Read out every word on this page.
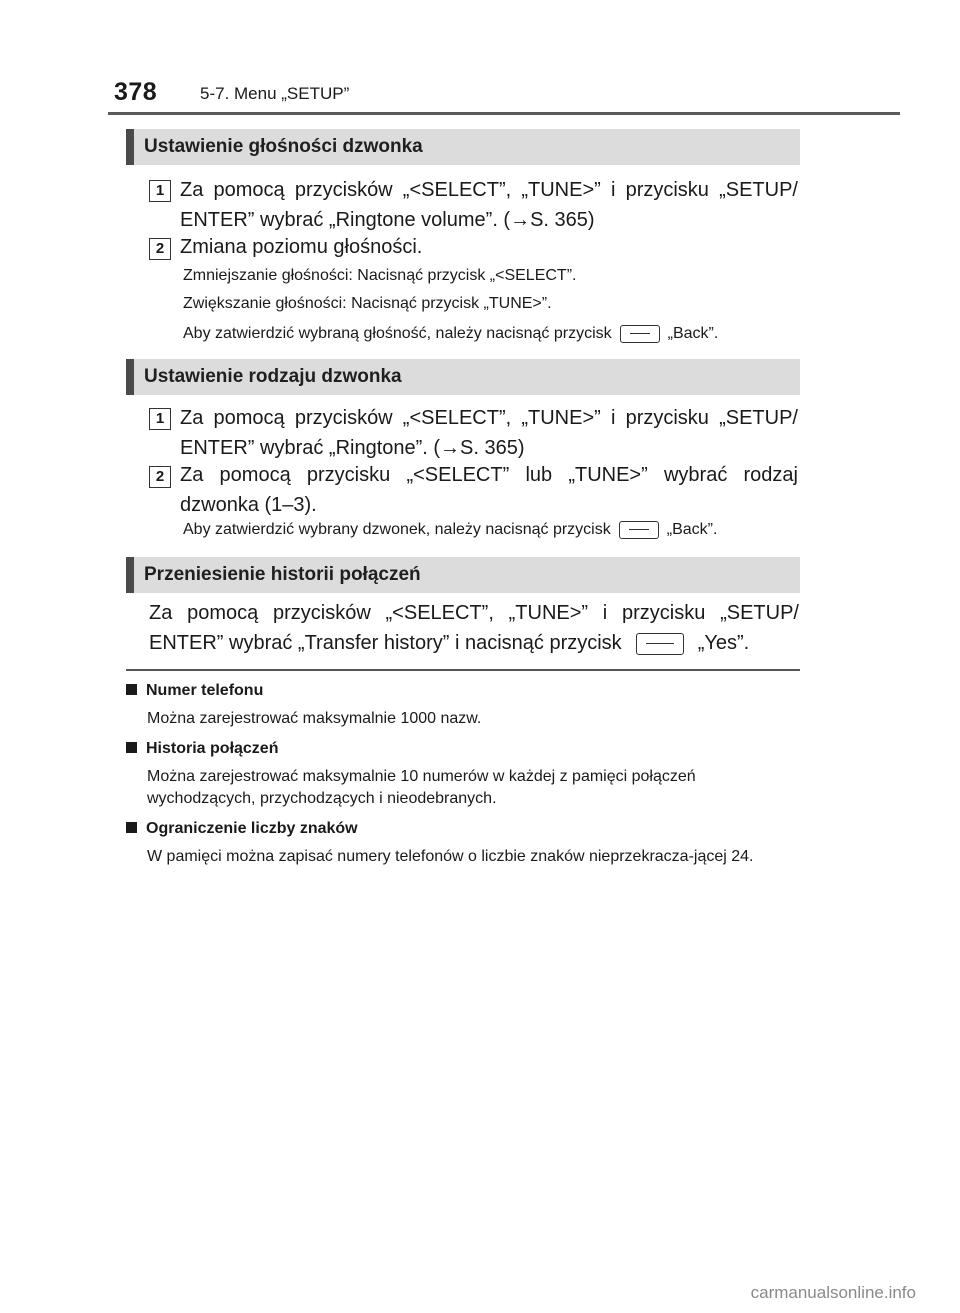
378	5-7. Menu „SETUP”
Ustawienie głośności dzwonka
1 Za pomocą przycisków „<SELECT”, „TUNE>” i przycisku „SETUP/
ENTER” wybrać „Ringtone volume”. (→S. 365)
2 Zmiana poziomu głośności.
Zmniejszanie głośności: Nacisnąć przycisk „<SELECT”.
Zwiększanie głośności: Nacisnąć przycisk „TUNE>”.
Aby zatwierdzić wybraną głośność, należy nacisnąć przycisk	„Back”.
Ustawienie rodzaju dzwonka
1 Za pomocą przycisków „<SELECT”, „TUNE>” i przycisku „SETUP/
ENTER” wybrać „Ringtone”. (→S. 365)
2 Za pomocą przycisku „<SELECT” lub „TUNE>” wybrać rodzaj
dzwonka (1–3).
Aby zatwierdzić wybrany dzwonek, należy nacisnąć przycisk	„Back”.
Przeniesienie historii połączeń
Za pomocą przycisków „<SELECT”, „TUNE>” i przycisku „SETUP/
ENTER” wybrać „Transfer history” i nacisnąć przycisk	„Yes”.
Numer telefonu
Można zarejestrować maksymalnie 1000 nazw.
Historia połączeń
Można zarejestrować maksymalnie 10 numerów w każdej z pamięci połączeń wychodzących, przychodzących i nieodebranych.
Ograniczenie liczby znaków
W pamięci można zapisać numery telefonów o liczbie znaków nieprzekracza-jącej 24.
carmanualsonline.info
